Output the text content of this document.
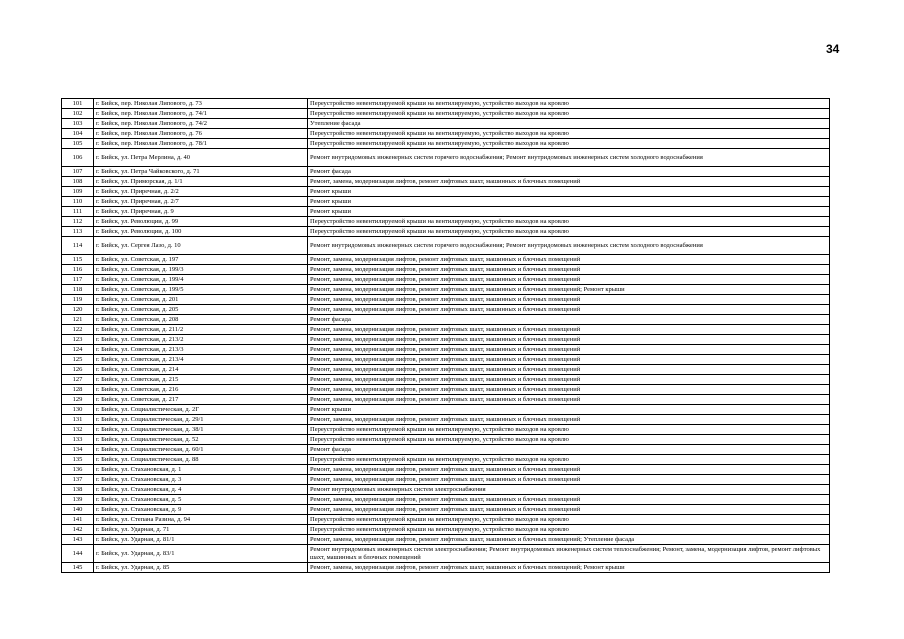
34
101	г. Бийск, пер. Николая Липового, д. 73	Переустройство невентилируемой крыши на вентилируемую, устройство выходов на кровлю
102	г. Бийск, пер. Николая Липового, д. 74/1	Переустройство невентилируемой крыши на вентилируемую, устройство выходов на кровлю
103	г. Бийск, пер. Николая Липового, д. 74/2	Утепление фасада
104	г. Бийск, пер. Николая Липового, д. 76	Переустройство невентилируемой крыши на вентилируемую, устройство выходов на кровлю
105	г. Бийск, пер. Николая Липового, д. 78/1	Переустройство невентилируемой крыши на вентилируемую, устройство выходов на кровлю
106	г. Бийск, ул. Петра Мерлина, д. 40	Ремонт внутридомовых инженерных систем горячего водоснабжения; Ремонт внутридомовых инженерных систем холодного водоснабжения
107	г. Бийск, ул. Петра Чайковского, д. 71	Ремонт фасада
108	г. Бийск, ул. Приморская, д. 1/1	Ремонт, замена, модернизация лифтов, ремонт лифтовых шахт, машинных и блочных помещений
109	г. Бийск, ул. Приречная, д. 2/2	Ремонт крыши
110	г. Бийск, ул. Приречная, д. 2/7	Ремонт крыши
111	г. Бийск, ул. Приречная, д. 9	Ремонт крыши
112	г. Бийск, ул. Революции, д. 99	Переустройство невентилируемой крыши на вентилируемую, устройство выходов на кровлю
113	г. Бийск, ул. Революции, д. 100	Переустройство невентилируемой крыши на вентилируемую, устройство выходов на кровлю
114	г. Бийск, ул. Сергея Лазо, д. 10	Ремонт внутридомовых инженерных систем горячего водоснабжения; Ремонт внутридомовых инженерных систем холодного водоснабжения
115	г. Бийск, ул. Советская, д. 197	Ремонт, замена, модернизация лифтов, ремонт лифтовых шахт, машинных и блочных помещений
116	г. Бийск, ул. Советская, д. 199/3	Ремонт, замена, модернизация лифтов, ремонт лифтовых шахт, машинных и блочных помещений
117	г. Бийск, ул. Советская, д. 199/4	Ремонт, замена, модернизация лифтов, ремонт лифтовых шахт, машинных и блочных помещений
118	г. Бийск, ул. Советская, д. 199/5	Ремонт, замена, модернизация лифтов, ремонт лифтовых шахт, машинных и блочных помещений; Ремонт крыши
119	г. Бийск, ул. Советская, д. 201	Ремонт, замена, модернизация лифтов, ремонт лифтовых шахт, машинных и блочных помещений
120	г. Бийск, ул. Советская, д. 205	Ремонт, замена, модернизация лифтов, ремонт лифтовых шахт, машинных и блочных помещений
121	г. Бийск, ул. Советская, д. 208	Ремонт фасада
122	г. Бийск, ул. Советская, д. 211/2	Ремонт, замена, модернизация лифтов, ремонт лифтовых шахт, машинных и блочных помещений
123	г. Бийск, ул. Советская, д. 213/2	Ремонт, замена, модернизация лифтов, ремонт лифтовых шахт, машинных и блочных помещений
124	г. Бийск, ул. Советская, д. 213/3	Ремонт, замена, модернизация лифтов, ремонт лифтовых шахт, машинных и блочных помещений
125	г. Бийск, ул. Советская, д. 213/4	Ремонт, замена, модернизация лифтов, ремонт лифтовых шахт, машинных и блочных помещений
126	г. Бийск, ул. Советская, д. 214	Ремонт, замена, модернизация лифтов, ремонт лифтовых шахт, машинных и блочных помещений
127	г. Бийск, ул. Советская, д. 215	Ремонт, замена, модернизация лифтов, ремонт лифтовых шахт, машинных и блочных помещений
128	г. Бийск, ул. Советская, д. 216	Ремонт, замена, модернизация лифтов, ремонт лифтовых шахт, машинных и блочных помещений
129	г. Бийск, ул. Советская, д. 217	Ремонт, замена, модернизация лифтов, ремонт лифтовых шахт, машинных и блочных помещений
130	г. Бийск, ул. Социалистическая, д. 2Г	Ремонт крыши
131	г. Бийск, ул. Социалистическая, д. 29/1	Ремонт, замена, модернизация лифтов, ремонт лифтовых шахт, машинных и блочных помещений
132	г. Бийск, ул. Социалистическая, д. 38/1	Переустройство невентилируемой крыши на вентилируемую, устройство выходов на кровлю
133	г. Бийск, ул. Социалистическая, д. 52	Переустройство невентилируемой крыши на вентилируемую, устройство выходов на кровлю
134	г. Бийск, ул. Социалистическая, д. 60/1	Ремонт фасада
135	г. Бийск, ул. Социалистическая, д. 88	Переустройство невентилируемой крыши на вентилируемую, устройство выходов на кровлю
136	г. Бийск, ул. Стахановская, д. 1	Ремонт, замена, модернизация лифтов, ремонт лифтовых шахт, машинных и блочных помещений
137	г. Бийск, ул. Стахановская, д. 3	Ремонт, замена, модернизация лифтов, ремонт лифтовых шахт, машинных и блочных помещений
138	г. Бийск, ул. Стахановская, д. 4	Ремонт внутридомовых инженерных систем электроснабжения
139	г. Бийск, ул. Стахановская, д. 5	Ремонт, замена, модернизация лифтов, ремонт лифтовых шахт, машинных и блочных помещений
140	г. Бийск, ул. Стахановская, д. 9	Ремонт, замена, модернизация лифтов, ремонт лифтовых шахт, машинных и блочных помещений
141	г. Бийск, ул. Степана Разина, д. 94	Переустройство невентилируемой крыши на вентилируемую, устройство выходов на кровлю
142	г. Бийск, ул. Ударная, д. 71	Переустройство невентилируемой крыши на вентилируемую, устройство выходов на кровлю
143	г. Бийск, ул. Ударная, д. 81/1	Ремонт, замена, модернизация лифтов, ремонт лифтовых шахт, машинных и блочных помещений; Утепление фасада
144	г. Бийск, ул. Ударная, д. 83/1	Ремонт внутридомовых инженерных систем электроснабжения; Ремонт внутридомовых инженерных систем теплоснабжения; Ремонт, замена, модернизация лифтов, ремонт лифтовых шахт, машинных и блочных помещений
145	г. Бийск, ул. Ударная, д. 85	Ремонт, замена, модернизация лифтов, ремонт лифтовых шахт, машинных и блочных помещений; Ремонт крыши
